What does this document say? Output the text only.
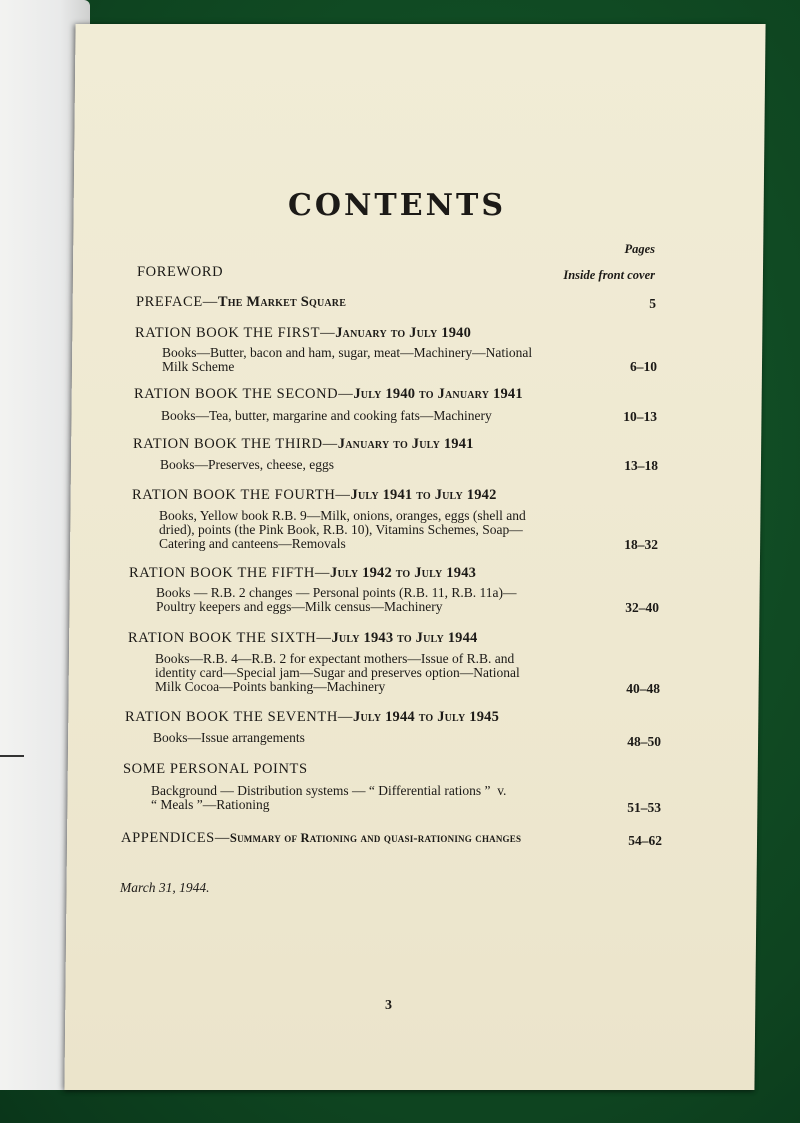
CONTENTS
Pages
FOREWORD	Inside front cover
PREFACE—The Market Square	5
RATION BOOK THE FIRST—January to July 1940
Books—Butter, bacon and ham, sugar, meat—Machinery—National
Milk Scheme	6–10
RATION BOOK THE SECOND—July 1940 to January 1941
Books—Tea, butter, margarine and cooking fats—Machinery	10–13
RATION BOOK THE THIRD—January to July 1941
Books—Preserves, cheese, eggs	13–18
RATION BOOK THE FOURTH—July 1941 to July 1942
Books, Yellow book R.B. 9—Milk, onions, oranges, eggs (shell and
dried), points (the Pink Book, R.B. 10), Vitamins Schemes, Soap—
Catering and canteens—Removals	18–32
RATION BOOK THE FIFTH—July 1942 to July 1943
Books — R.B. 2 changes — Personal points (R.B. 11, R.B. 11a)—
Poultry keepers and eggs—Milk census—Machinery	32–40
RATION BOOK THE SIXTH—July 1943 to July 1944
Books—R.B. 4—R.B. 2 for expectant mothers—Issue of R.B. and
identity card—Special jam—Sugar and preserves option—National
Milk Cocoa—Points banking—Machinery	40–48
RATION BOOK THE SEVENTH—July 1944 to July 1945
Books—Issue arrangements	48–50
SOME PERSONAL POINTS
Background — Distribution systems — “ Differential rations ”  v.
“ Meals ”—Rationing	51–53
APPENDICES—Summary of Rationing and quasi-rationing changes	54–62
March 31, 1944.
3
